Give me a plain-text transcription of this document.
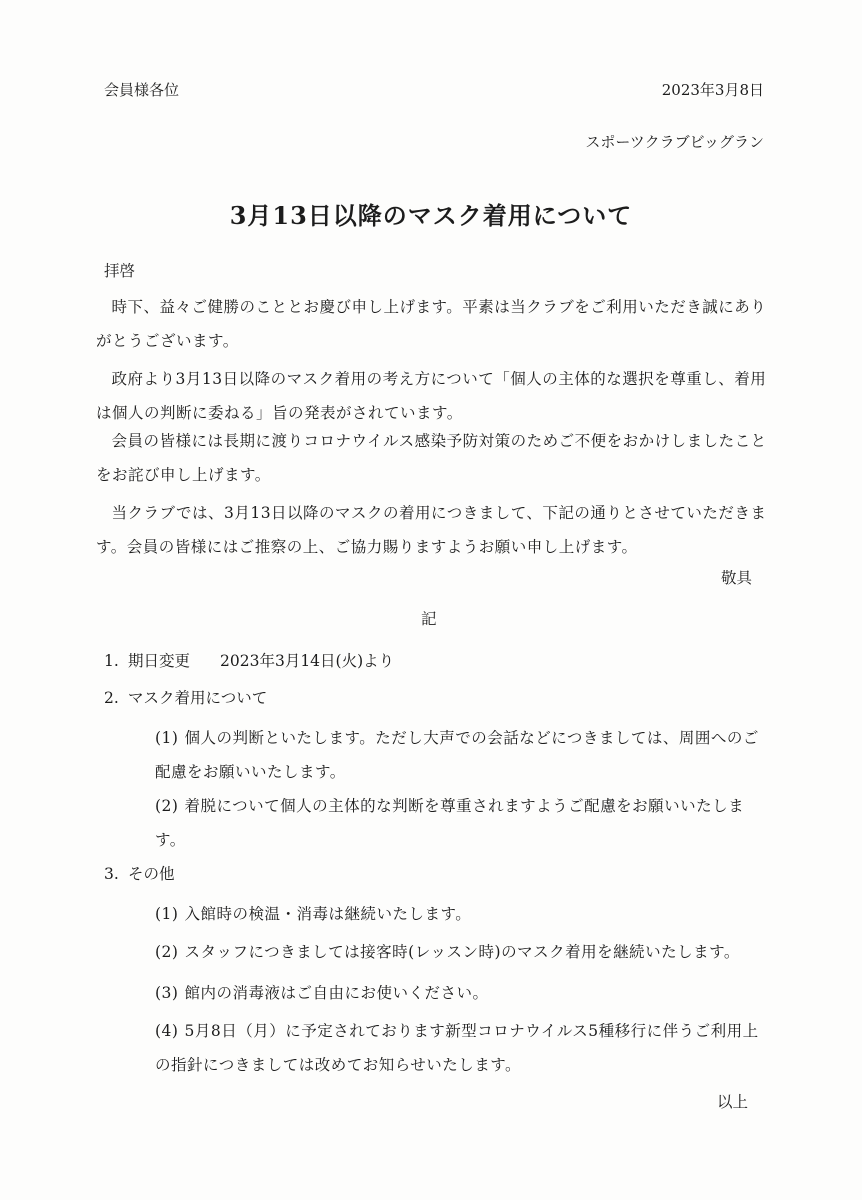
会員様各位	2023年3月8日
スポーツクラブビッグラン
3月13日以降のマスク着用について
拝啓
時下、益々ご健勝のこととお慶び申し上げます。平素は当クラブをご利用いただき誠にありがとうございます。
政府より3月13日以降のマスク着用の考え方について「個人の主体的な選択を尊重し、着用は個人の判断に委ねる」旨の発表がされています。
会員の皆様には長期に渡りコロナウイルス感染予防対策のためご不便をおかけしましたことをお詫び申し上げます。
当クラブでは、3月13日以降のマスクの着用につきまして、下記の通りとさせていただきます。会員の皆様にはご推察の上、ご協力賜りますようお願い申し上げます。
敬具
記
1. 期日変更 2023年3月14日(火)より
2. マスク着用について
(1) 個人の判断といたします。ただし大声での会話などにつきましては、周囲へのご配慮をお願いいたします。
(2) 着脱について個人の主体的な判断を尊重されますようご配慮をお願いいたします。
3. その他
(1) 入館時の検温・消毒は継続いたします。
(2) スタッフにつきましては接客時(レッスン時)のマスク着用を継続いたします。
(3) 館内の消毒液はご自由にお使いください。
(4) 5月8日（月）に予定されております新型コロナウイルス5種移行に伴うご利用上の指針につきましては改めてお知らせいたします。
以上
